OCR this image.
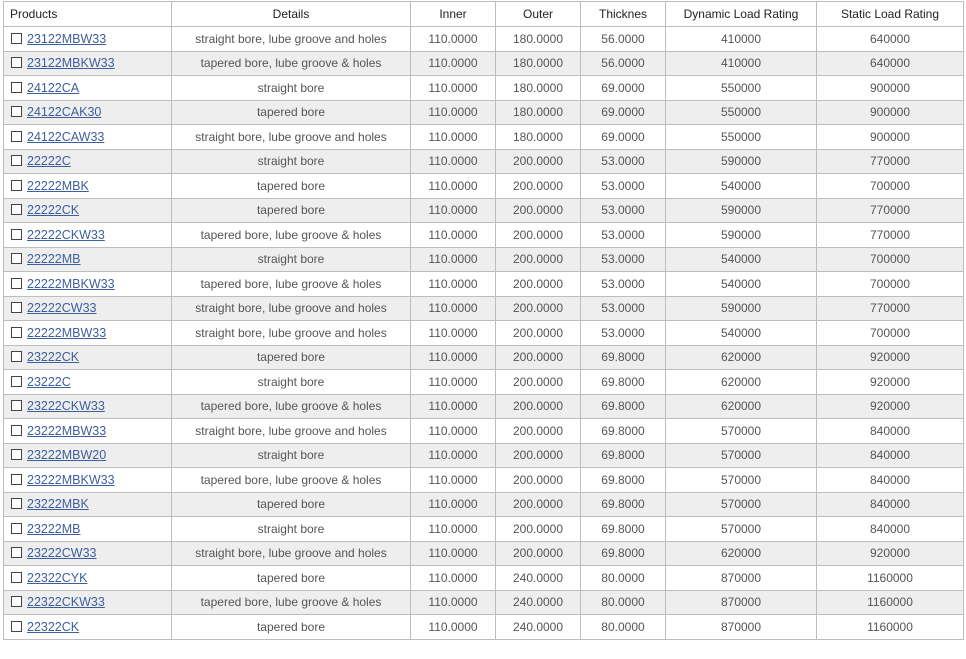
Products	Details	Inner	Outer	Thicknes	Dynamic Load Rating	Static Load Rating
23122MBW33	straight bore, lube groove and holes	110.0000	180.0000	56.0000	410000	640000
23122MBKW33	tapered bore, lube groove & holes	110.0000	180.0000	56.0000	410000	640000
24122CA	straight bore	110.0000	180.0000	69.0000	550000	900000
24122CAK30	tapered bore	110.0000	180.0000	69.0000	550000	900000
24122CAW33	straight bore, lube groove and holes	110.0000	180.0000	69.0000	550000	900000
22222C	straight bore	110.0000	200.0000	53.0000	590000	770000
22222MBK	tapered bore	110.0000	200.0000	53.0000	540000	700000
22222CK	tapered bore	110.0000	200.0000	53.0000	590000	770000
22222CKW33	tapered bore, lube groove & holes	110.0000	200.0000	53.0000	590000	770000
22222MB	straight bore	110.0000	200.0000	53.0000	540000	700000
22222MBKW33	tapered bore, lube groove & holes	110.0000	200.0000	53.0000	540000	700000
22222CW33	straight bore, lube groove and holes	110.0000	200.0000	53.0000	590000	770000
22222MBW33	straight bore, lube groove and holes	110.0000	200.0000	53.0000	540000	700000
23222CK	tapered bore	110.0000	200.0000	69.8000	620000	920000
23222C	straight bore	110.0000	200.0000	69.8000	620000	920000
23222CKW33	tapered bore, lube groove & holes	110.0000	200.0000	69.8000	620000	920000
23222MBW33	straight bore, lube groove and holes	110.0000	200.0000	69.8000	570000	840000
23222MBW20	straight bore	110.0000	200.0000	69.8000	570000	840000
23222MBKW33	tapered bore, lube groove & holes	110.0000	200.0000	69.8000	570000	840000
23222MBK	tapered bore	110.0000	200.0000	69.8000	570000	840000
23222MB	straight bore	110.0000	200.0000	69.8000	570000	840000
23222CW33	straight bore, lube groove and holes	110.0000	200.0000	69.8000	620000	920000
22322CYK	tapered bore	110.0000	240.0000	80.0000	870000	1160000
22322CKW33	tapered bore, lube groove & holes	110.0000	240.0000	80.0000	870000	1160000
22322CK	tapered bore	110.0000	240.0000	80.0000	870000	1160000
